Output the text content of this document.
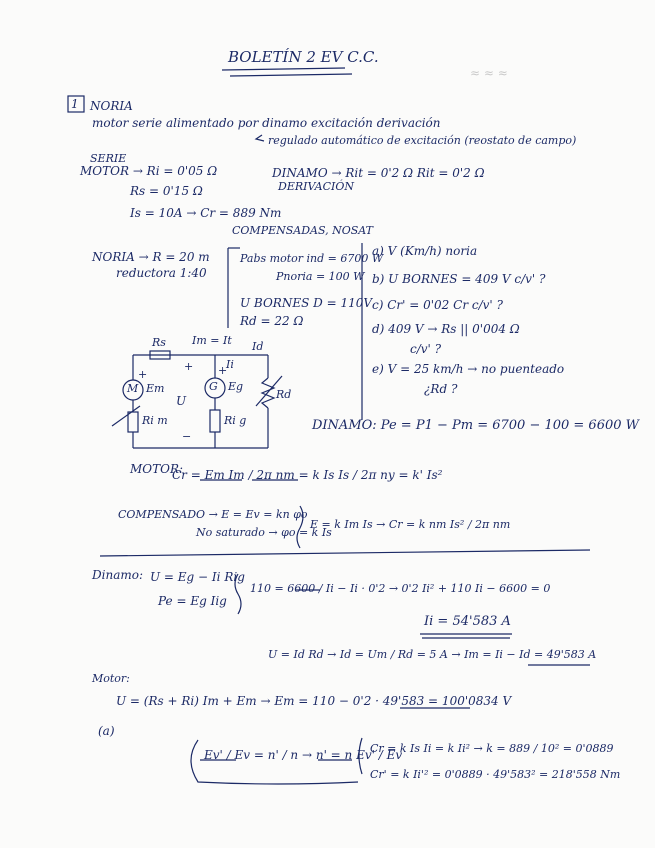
≈ ≈ ≈
BOLETÍN 2 EV C.C.
1 NORIA
motor serie alimentado por dinamo excitación derivación
regulado automático de excitación (reostato de campo)
SERIE
MOTOR → Ri = 0'05 Ω
Rs = 0'15 Ω
Is = 10A → Cr = 889 Nm
DINAMO → Rit = 0'2 Ω Rit = 0'2 Ω
DERIVACIÓN
COMPENSADAS, NOSAT
NORIA → R = 20 m
reductora 1:40
Pabs motor ind = 6700 W
Pnoria = 100 W
U BORNES D = 110V
Rd = 22 Ω
a) V (Km/h) noria
b) U BORNES = 409 V c/v' ?
c) Cr' = 0'02 Cr c/v' ?
d) 409 V → Rs || 0'004 Ω
c/v' ?
e) V = 25 km/h → no puenteado
¿Rd ?
Rs Im = It Id
Ii
M Em	G Eg
Rd
Ri m	Ri g
U
+
+ +
−
DINAMO: Pe = P1 − Pm = 6700 − 100 = 6600 W
MOTOR:
Cr = Em Im / 2π nm = k Is Is / 2π ny = k' Is²
COMPENSADO → E = Ev = kn φo
No saturado → φo = k Is
E = k Im Is → Cr = k nm Is² / 2π nm
Dinamo: U = Eg − Ii Rig
Pe = Eg Iig
110 = 6600 / Ii − Ii · 0'2 → 0'2 Ii² + 110 Ii − 6600 = 0
Ii = 54'583 A
U = Id Rd → Id = Um / Rd = 5 A → Im = Ii − Id = 49'583 A
Motor:
U = (Rs + Ri) Im + Em → Em = 110 − 0'2 · 49'583 = 100'0834 V
(a)
Ev' / Ev = n' / n → n' = n Ev' / Ev
Cr = k Is Ii = k Ii² → k = 889 / 10² = 0'0889
Cr' = k Ii'² = 0'0889 · 49'583² = 218'558 Nm
